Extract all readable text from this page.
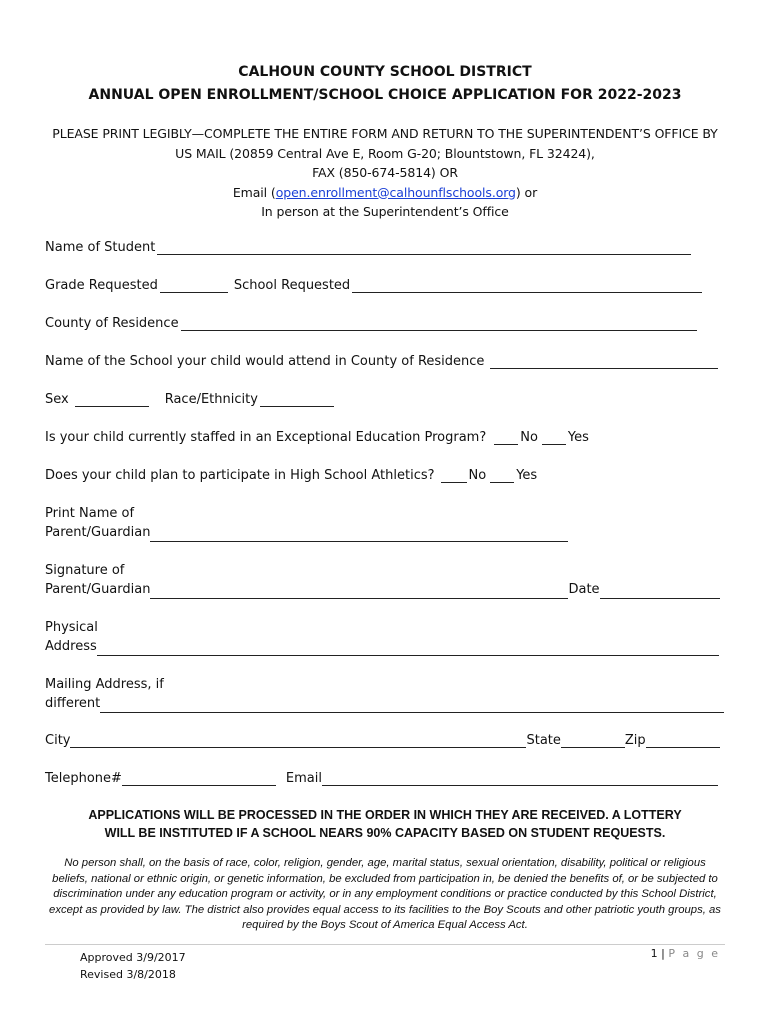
CALHOUN COUNTY SCHOOL DISTRICT
ANNUAL OPEN ENROLLMENT/SCHOOL CHOICE APPLICATION FOR 2022-2023
PLEASE PRINT LEGIBLY—COMPLETE THE ENTIRE FORM AND RETURN TO THE SUPERINTENDENT’S OFFICE BY
US MAIL (20859 Central Ave E, Room G-20; Blountstown, FL 32424),
FAX (850-674-5814) OR
Email (open.enrollment@calhounflschools.org) or
In person at the Superintendent’s Office
Name of Student
Grade Requested	School Requested
County of Residence
Name of the School your child would attend in County of Residence
Sex	Race/Ethnicity
Is your child currently staffed in an Exceptional Education Program?	No Yes
Does your child plan to participate in High School Athletics?	No Yes
Print Name of
Parent/Guardian
Signature of
Parent/Guardian	Date
Physical
Address
Mailing Address, if
different
City	State	Zip
Telephone#	Email
APPLICATIONS WILL BE PROCESSED IN THE ORDER IN WHICH THEY ARE RECEIVED. A LOTTERY
WILL BE INSTITUTED IF A SCHOOL NEARS 90% CAPACITY BASED ON STUDENT REQUESTS.
No person shall, on the basis of race, color, religion, gender, age, marital status, sexual orientation, disability, political or religious beliefs, national or ethnic origin, or genetic information, be excluded from participation in, be denied the benefits of, or be subjected to discrimination under any education program or activity, or in any employment conditions or practice conducted by this School District, except as provided by law. The district also provides equal access to its facilities to the Boy Scouts and other patriotic youth groups, as required by the Boys Scout of America Equal Access Act.
Approved 3/9/2017
Revised 3/8/2018
1 | P a g e
